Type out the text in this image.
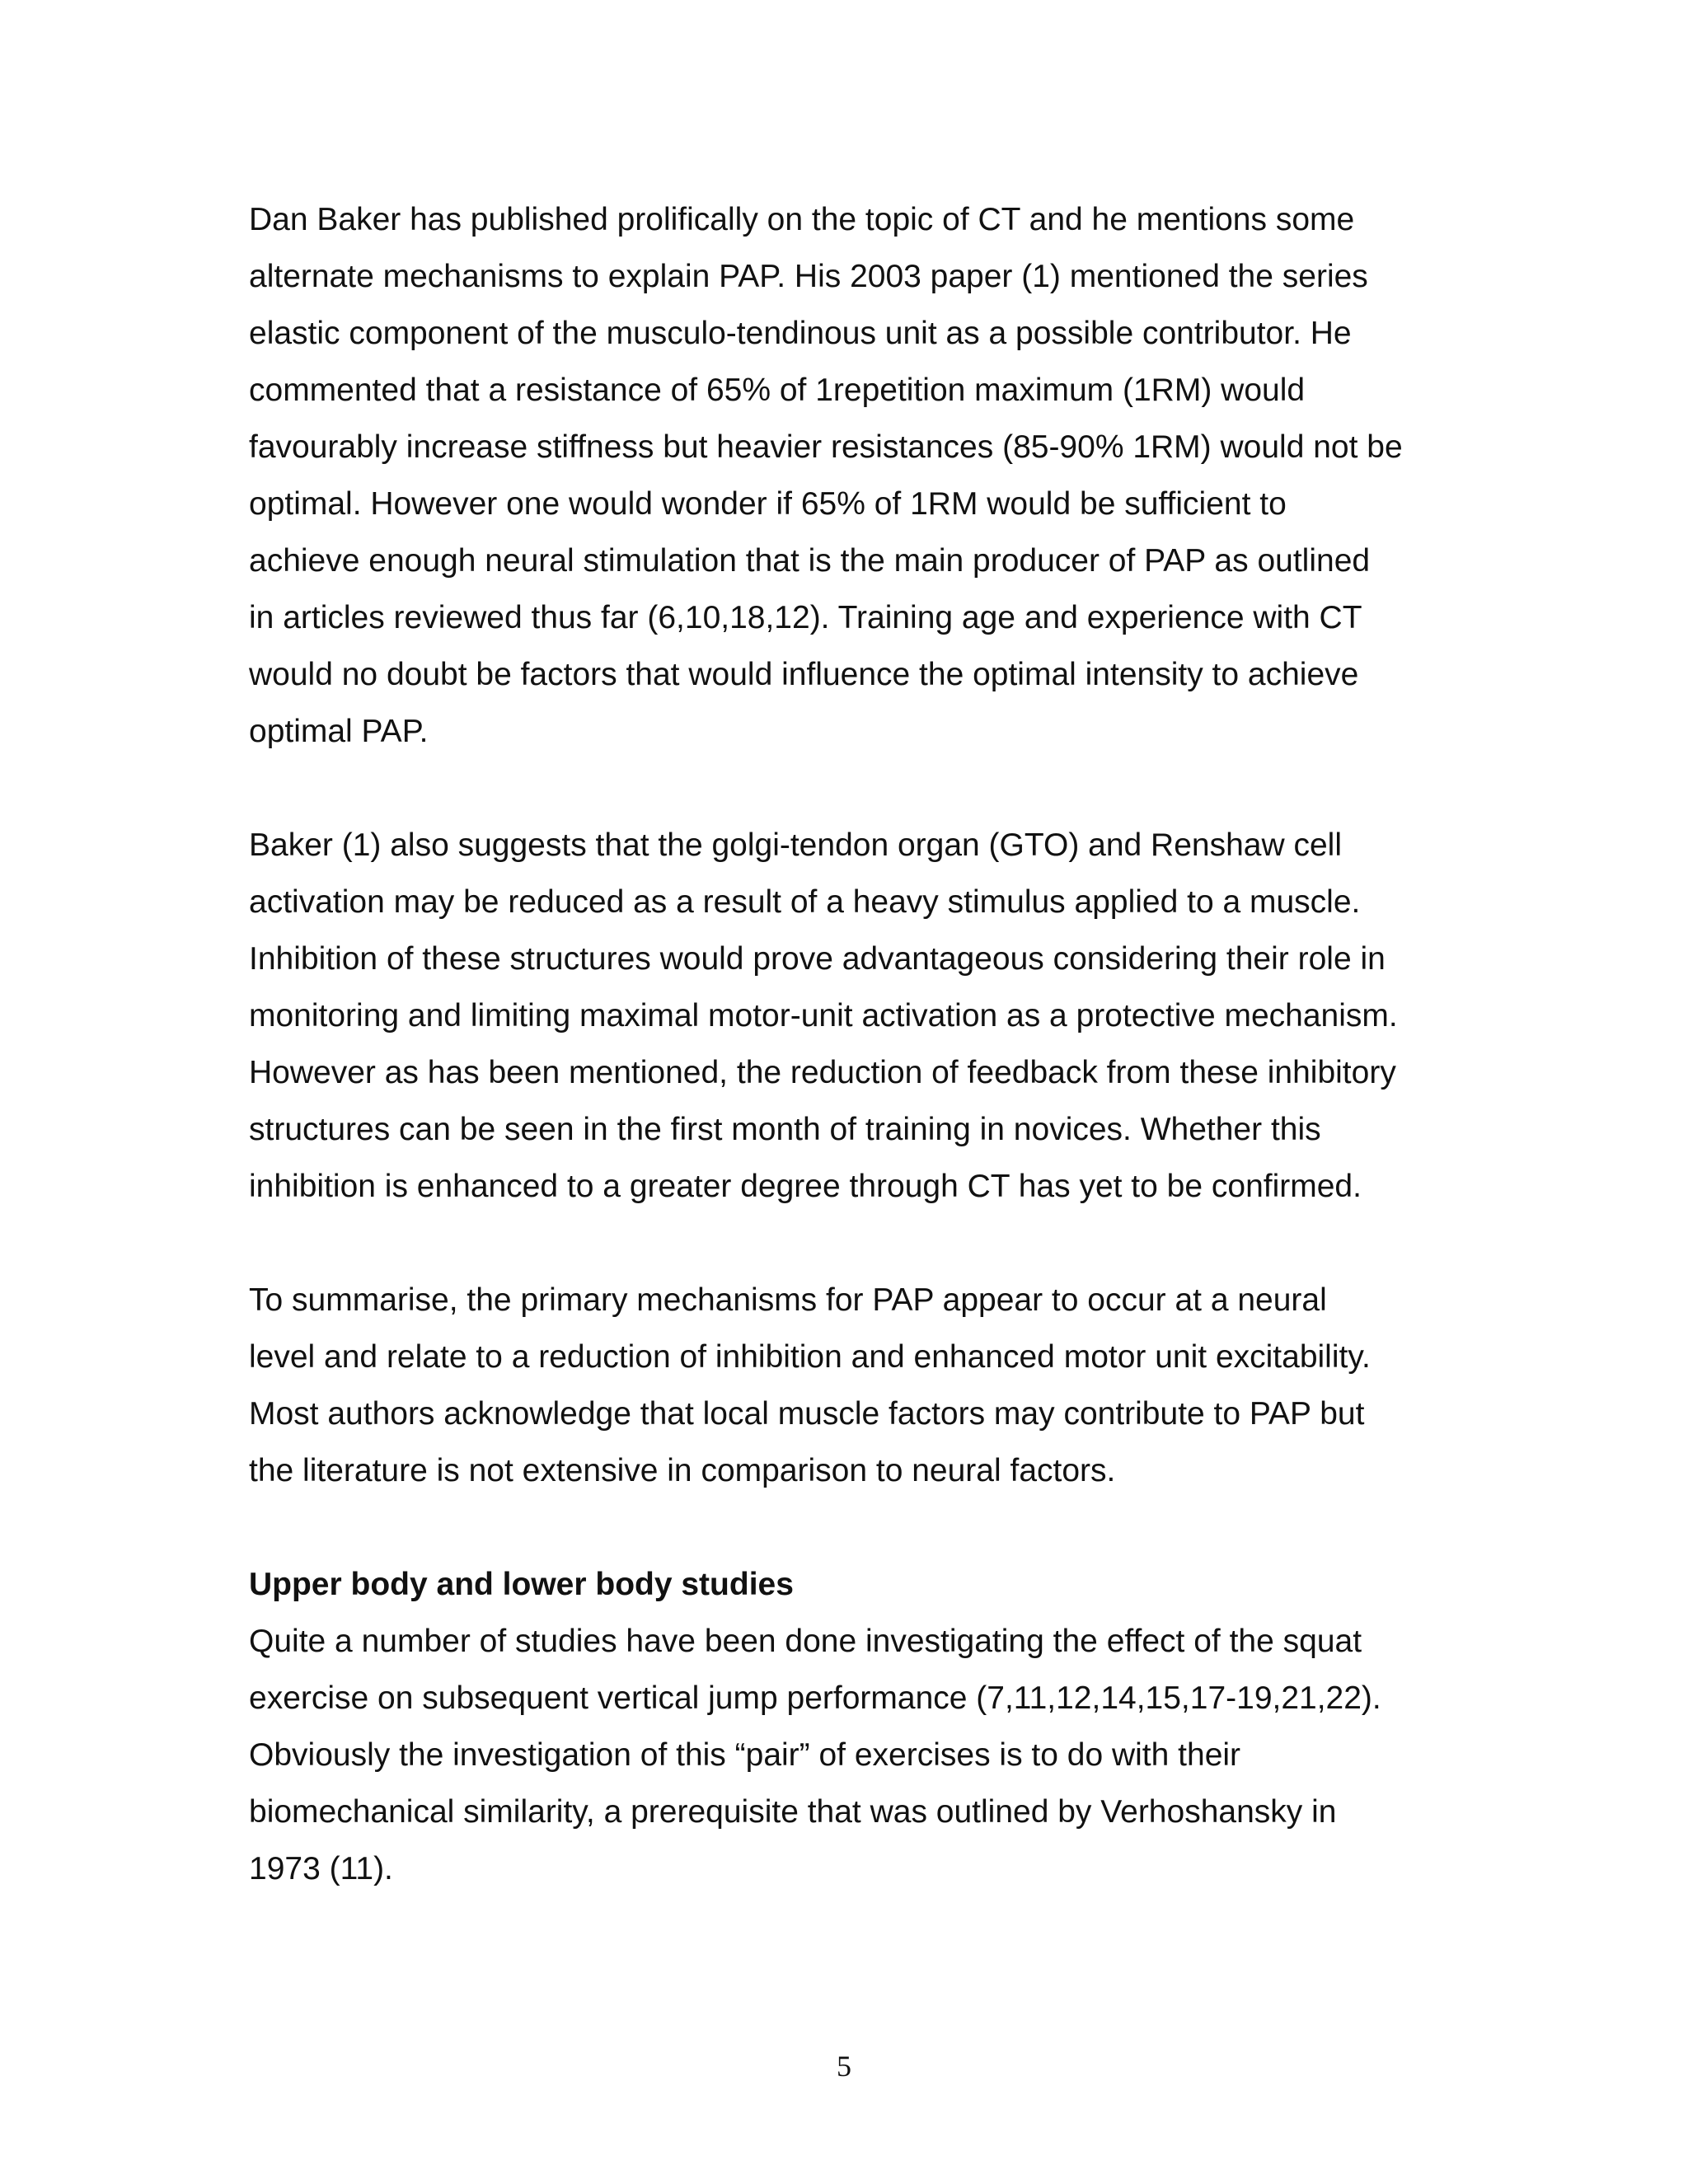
Dan Baker has published prolifically on the topic of CT and he mentions some
alternate mechanisms to explain PAP. His 2003 paper (1) mentioned the series
elastic component of the musculo-tendinous unit as a possible contributor. He
commented that a resistance of 65% of 1repetition maximum (1RM) would
favourably increase stiffness but heavier resistances (85-90% 1RM) would not be
optimal. However one would wonder if 65% of 1RM would be sufficient to
achieve enough neural stimulation that is the main producer of PAP as outlined
in articles reviewed thus far (6,10,18,12). Training age and experience with CT
would no doubt be factors that would influence the optimal intensity to achieve
optimal PAP.

Baker (1) also suggests that the golgi-tendon organ (GTO) and Renshaw cell
activation may be reduced as a result of a heavy stimulus applied to a muscle.
Inhibition of these structures would prove advantageous considering their role in
monitoring and limiting maximal motor-unit activation as a protective mechanism.
However as has been mentioned, the reduction of feedback from these inhibitory
structures can be seen in the first month of training in novices. Whether this
inhibition is enhanced to a greater degree through CT has yet to be confirmed.

To summarise, the primary mechanisms for PAP appear to occur at a neural
level and relate to a reduction of inhibition and enhanced motor unit excitability.
Most authors acknowledge that local muscle factors may contribute to PAP but
the literature is not extensive in comparison to neural factors.

Upper body and lower body studies

Quite a number of studies have been done investigating the effect of the squat
exercise on subsequent vertical jump performance (7,11,12,14,15,17-19,21,22).
Obviously the investigation of this “pair” of exercises is to do with their
biomechanical similarity, a prerequisite that was outlined by Verhoshansky in
1973 (11).

5
